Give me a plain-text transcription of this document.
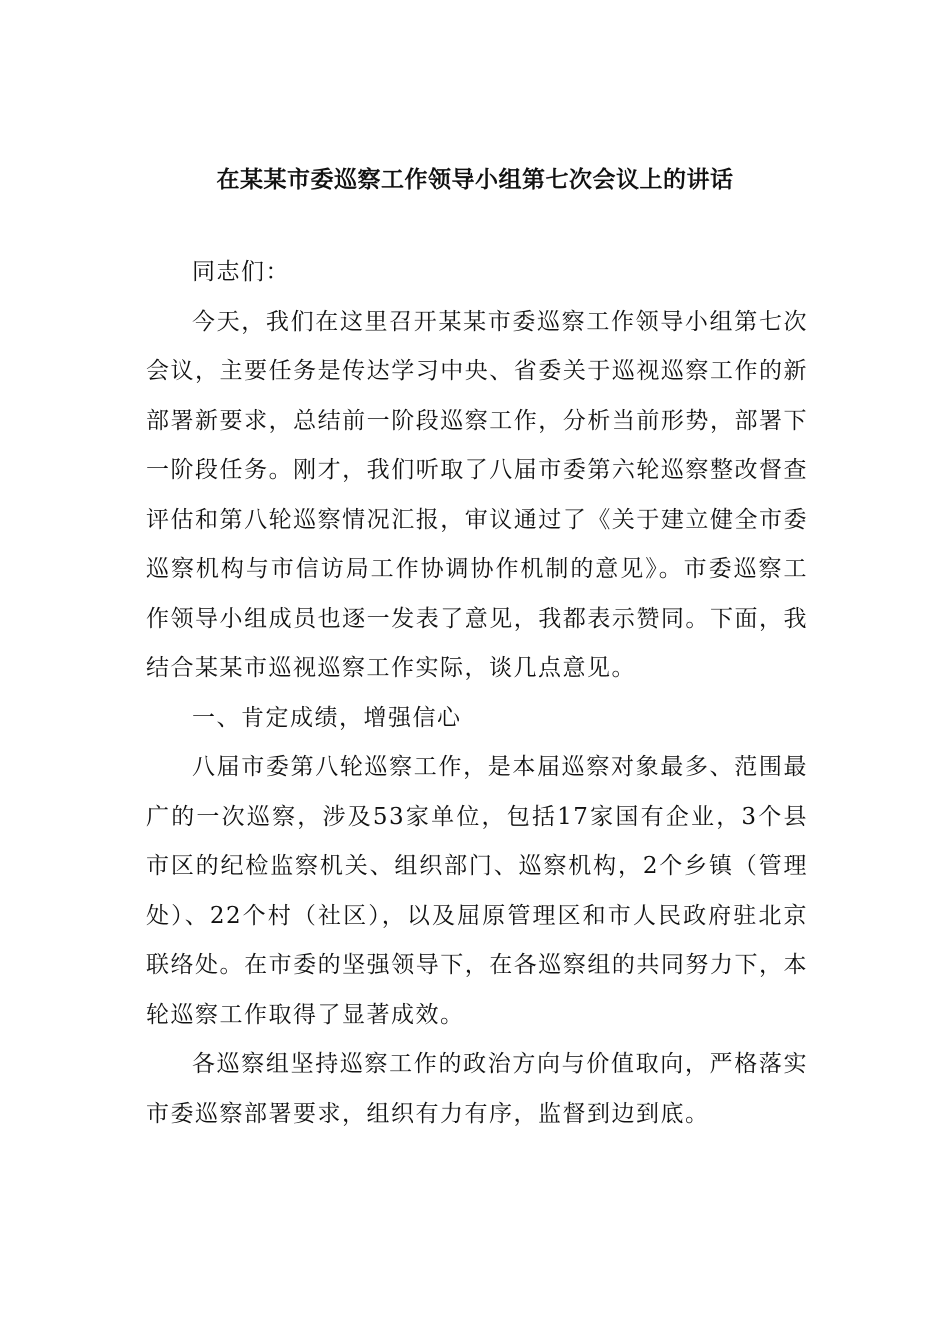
在某某市委巡察工作领导小组第七次会议上的讲话

同志们：

今天，我们在这里召开某某市委巡察工作领导小组第七次会议，主要任务是传达学习中央、省委关于巡视巡察工作的新部署新要求，总结前一阶段巡察工作，分析当前形势，部署下一阶段任务。刚才，我们听取了八届市委第六轮巡察整改督查评估和第八轮巡察情况汇报，审议通过了《关于建立健全市委巡察机构与市信访局工作协调协作机制的意见》。市委巡察工作领导小组成员也逐一发表了意见，我都表示赞同。下面，我结合某某市巡视巡察工作实际，谈几点意见。

一、肯定成绩，增强信心

八届市委第八轮巡察工作，是本届巡察对象最多、范围最广的一次巡察，涉及53家单位，包括17家国有企业，3个县市区的纪检监察机关、组织部门、巡察机构，2个乡镇（管理处）、22个村（社区），以及屈原管理区和市人民政府驻北京联络处。在市委的坚强领导下，在各巡察组的共同努力下，本轮巡察工作取得了显著成效。

各巡察组坚持巡察工作的政治方向与价值取向，严格落实市委巡察部署要求，组织有力有序，监督到边到底。
